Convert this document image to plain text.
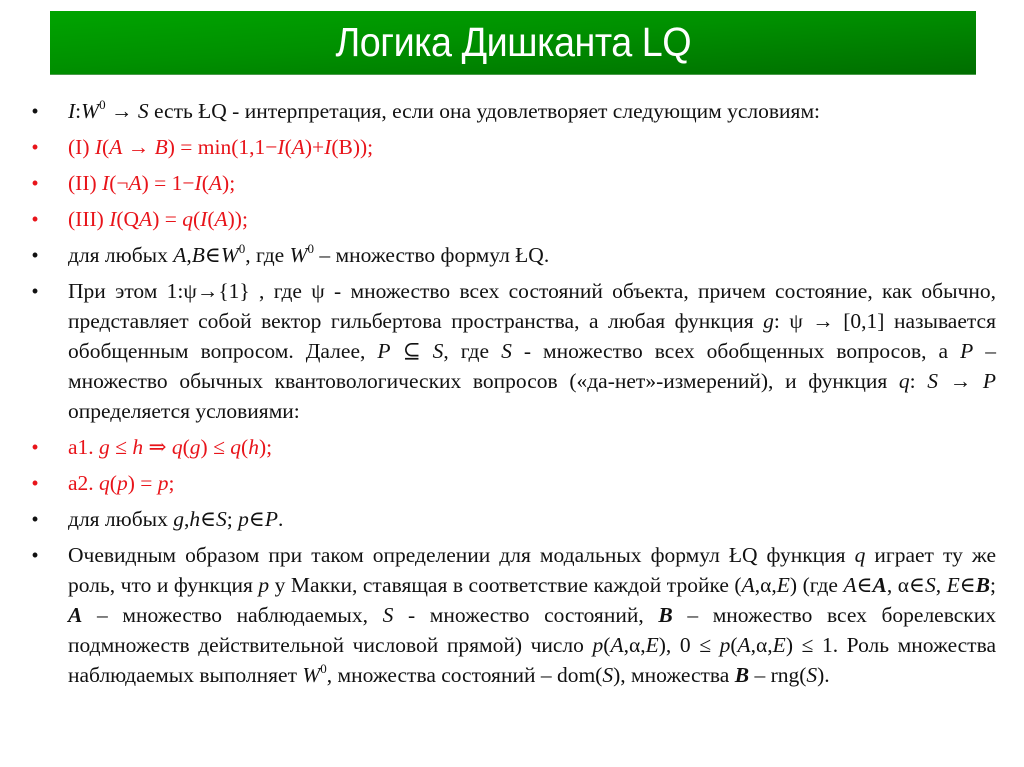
Логика Дишканта LQ
• $I:W^0 \to S$ есть ŁQ - интерпретация, если она удовлетворяет следующим условиям:
• (I) I(A → B) = min(1,1−I(A)+I(B));
• (II) I(¬A) = 1−I(A);
• (III) I(QA) = q(I(A));
• для любых $A,B\in W^0$, где $W^0$ – множество формул ŁQ.
• При этом 1:ψ→{1} , где ψ - множество всех состояний объекта, причем состояние, как обычно, представляет собой вектор гильбертова пространства, а любая функция g: ψ → [0,1] называется обобщенным вопросом. Далее, P ⊆ S, где S - множество всех обобщенных вопросов, а P – множество обычных квантовологических вопросов («да-нет»-измерений), и функция q: S → P определяется условиями:
• a1. g ≤ h ⇒ q(g) ≤ q(h);
• a2. q(p) = p;
• для любых g,h∈S; p∈P.
• Очевидным образом при таком определении для модальных формул ŁQ функция q играет ту же роль, что и функция p у Макки, ставящая в соответствие каждой тройке (A,α,E) (где A∈A, α∈S, E∈B; A – множество наблюдаемых, S - множество состояний, B – множество всех борелевских подмножеств действительной числовой прямой) число p(A,α,E), 0 ≤ p(A,α,E) ≤ 1. Роль множества наблюдаемых выполняет $W^0$, множества состояний – dom(S), множества B – rng(S).
